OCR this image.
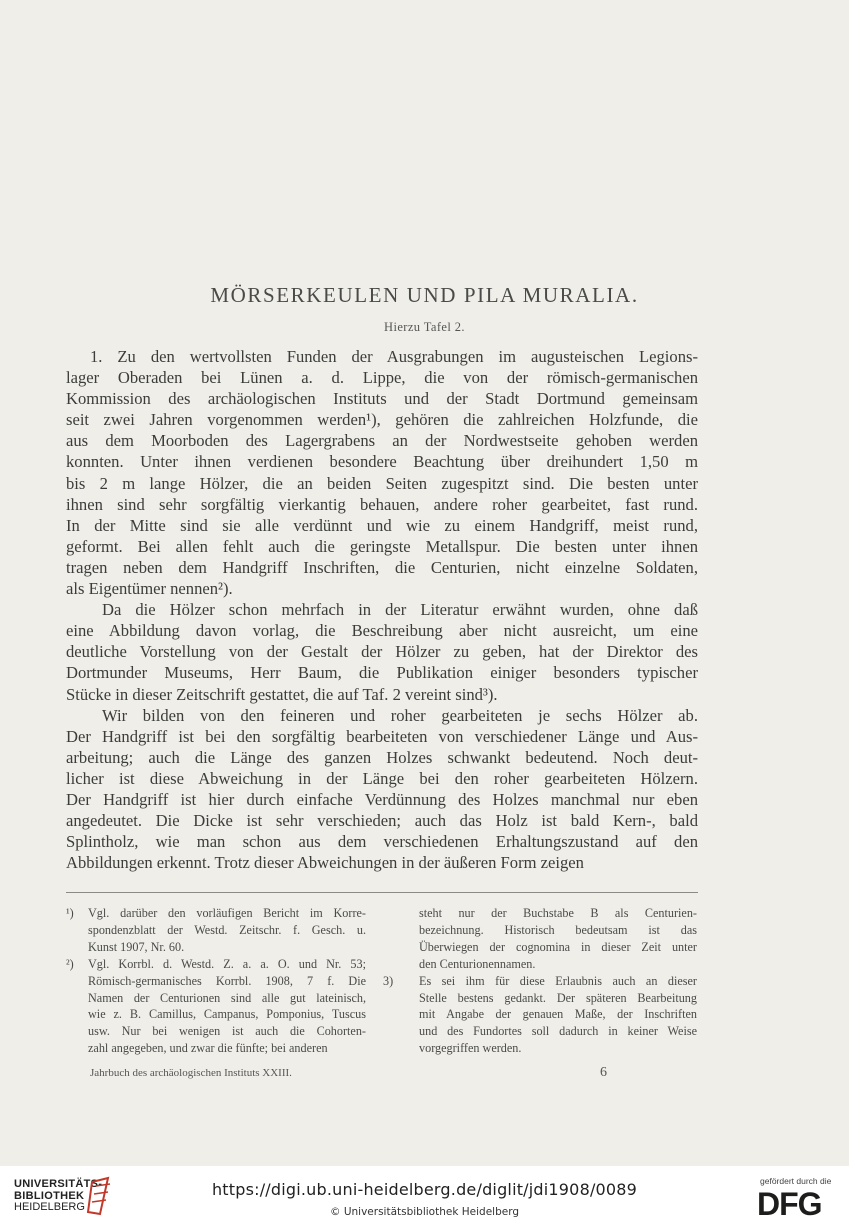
MÖRSERKEULEN UND PILA MURALIA.
Hierzu Tafel 2.
1. Zu den wertvollsten Funden der Ausgrabungen im augusteischen Legions-
lager Oberaden bei Lünen a. d. Lippe, die von der römisch-germanischen
Kommission des archäologischen Instituts und der Stadt Dortmund gemeinsam
seit zwei Jahren vorgenommen werden¹), gehören die zahlreichen Holzfunde, die
aus dem Moorboden des Lagergrabens an der Nordwestseite gehoben werden
konnten. Unter ihnen verdienen besondere Beachtung über dreihundert 1,50 m
bis 2 m lange Hölzer, die an beiden Seiten zugespitzt sind. Die besten unter
ihnen sind sehr sorgfältig vierkantig behauen, andere roher gearbeitet, fast rund.
In der Mitte sind sie alle verdünnt und wie zu einem Handgriff, meist rund,
geformt. Bei allen fehlt auch die geringste Metallspur. Die besten unter ihnen
tragen neben dem Handgriff Inschriften, die Centurien, nicht einzelne Soldaten,
als Eigentümer nennen²).
Da die Hölzer schon mehrfach in der Literatur erwähnt wurden, ohne daß
eine Abbildung davon vorlag, die Beschreibung aber nicht ausreicht, um eine
deutliche Vorstellung von der Gestalt der Hölzer zu geben, hat der Direktor des
Dortmunder Museums, Herr Baum, die Publikation einiger besonders typischer
Stücke in dieser Zeitschrift gestattet, die auf Taf. 2 vereint sind³).
Wir bilden von den feineren und roher gearbeiteten je sechs Hölzer ab.
Der Handgriff ist bei den sorgfältig bearbeiteten von verschiedener Länge und Aus-
arbeitung; auch die Länge des ganzen Holzes schwankt bedeutend. Noch deut-
licher ist diese Abweichung in der Länge bei den roher gearbeiteten Hölzern.
Der Handgriff ist hier durch einfache Verdünnung des Holzes manchmal nur eben
angedeutet. Die Dicke ist sehr verschieden; auch das Holz ist bald Kern-, bald
Splintholz, wie man schon aus dem verschiedenen Erhaltungszustand auf den
Abbildungen erkennt. Trotz dieser Abweichungen in der äußeren Form zeigen
¹) Vgl. darüber den vorläufigen Bericht im Korre-
spondenzblatt der Westd. Zeitschr. f. Gesch. u.
Kunst 1907, Nr. 60.
²) Vgl. Korrbl. d. Westd. Z. a. a. O. und Nr. 53;
Römisch-germanisches Korrbl. 1908, 7 f. Die
Namen der Centurionen sind alle gut lateinisch,
wie z. B. Camillus, Campanus, Pomponius, Tuscus
usw. Nur bei wenigen ist auch die Cohorten-
zahl angegeben, und zwar die fünfte; bei anderen
steht nur der Buchstabe B als Centurien-
bezeichnung. Historisch bedeutsam ist das
Überwiegen der cognomina in dieser Zeit unter
den Centurionennamen.
3) Es sei ihm für diese Erlaubnis auch an dieser
Stelle bestens gedankt. Der späteren Bearbeitung
mit Angabe der genauen Maße, der Inschriften
und des Fundortes soll dadurch in keiner Weise
vorgegriffen werden.
Jahrbuch des archäologischen Instituts XXIII.	6
UNIVERSITÄTS-
BIBLIOTHEK
HEIDELBERG
https://digi.ub.uni-heidelberg.de/diglit/jdi1908/0089
© Universitätsbibliothek Heidelberg
gefördert durch die
DFG
